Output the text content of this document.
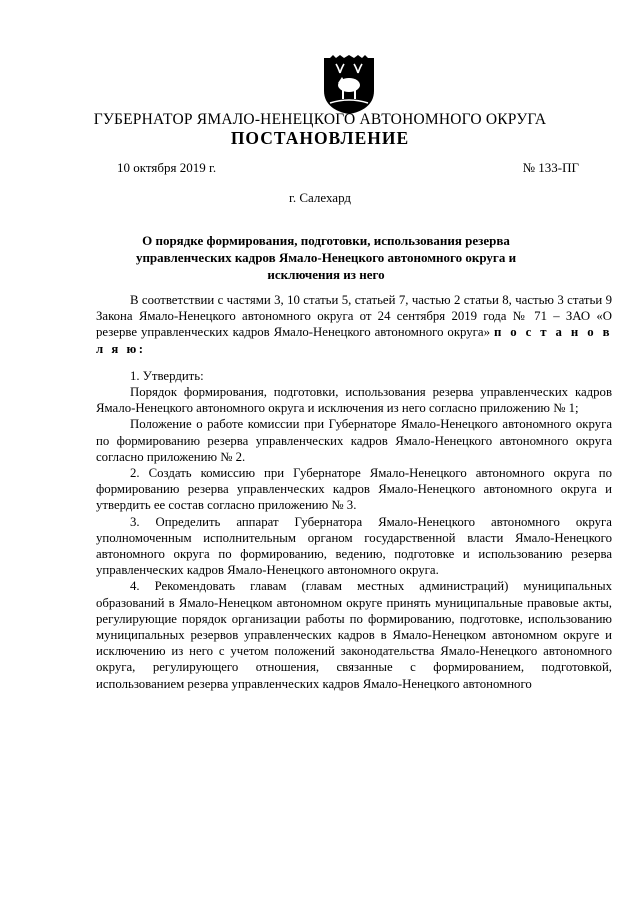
ГУБЕРНАТОР ЯМАЛО-НЕНЕЦКОГО АВТОНОМНОГО ОКРУГА
ПОСТАНОВЛЕНИЕ
10 октября 2019 г.	№ 133-ПГ
г. Салехард
О порядке формирования, подготовки, использования резерва управленческих кадров Ямало-Ненецкого автономного округа и исключения из него

В соответствии с частями 3, 10 статьи 5, статьей 7, частью 2 статьи 8, частью 3 статьи 9 Закона Ямало-Ненецкого автономного округа от 24 сентября 2019 года № 71 – ЗАО «О резерве управленческих кадров Ямало-Ненецкого автономного округа» п о с т а н о в л я ю:

1. Утвердить:

Порядок формирования, подготовки, использования резерва управленческих кадров Ямало-Ненецкого автономного округа и исключения из него согласно приложению № 1;

Положение о работе комиссии при Губернаторе Ямало-Ненецкого автономного округа по формированию резерва управленческих кадров Ямало-Ненецкого автономного округа согласно приложению № 2.

2. Создать комиссию при Губернаторе Ямало-Ненецкого автономного округа по формированию резерва управленческих кадров Ямало-Ненецкого автономного округа и утвердить ее состав согласно приложению № 3.

3. Определить аппарат Губернатора Ямало-Ненецкого автономного округа уполномоченным исполнительным органом государственной власти Ямало-Ненецкого автономного округа по формированию, ведению, подготовке и использованию резерва управленческих кадров Ямало-Ненецкого автономного округа.

4. Рекомендовать главам (главам местных администраций) муниципальных образований в Ямало-Ненецком автономном округе принять муниципальные правовые акты, регулирующие порядок организации работы по формированию, подготовке, использованию муниципальных резервов управленческих кадров в Ямало-Ненецком автономном округе и исключению из него с учетом положений законодательства Ямало-Ненецкого автономного округа, регулирующего отношения, связанные с формированием, подготовкой, использованием резерва управленческих кадров Ямало-Ненецкого автономного
